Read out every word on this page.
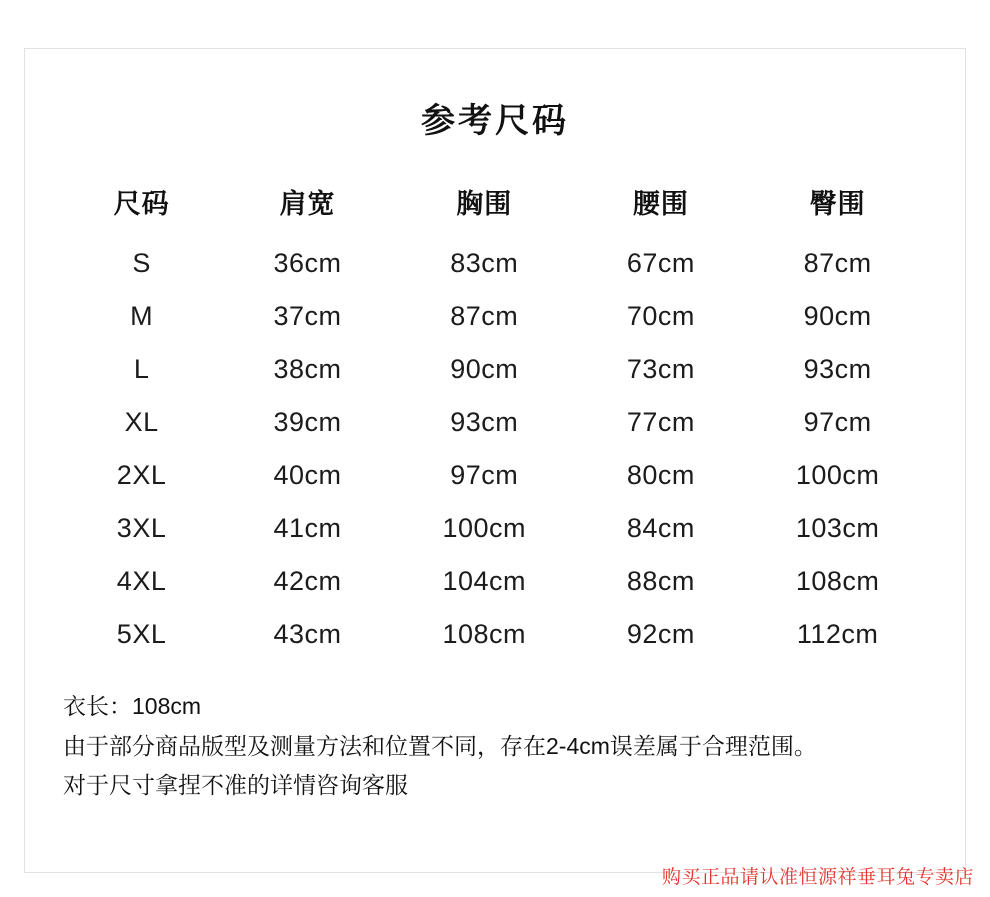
参考尺码
尺码	肩宽	胸围	腰围	臀围
S	36cm	83cm	67cm	87cm
M	37cm	87cm	70cm	90cm
L	38cm	90cm	73cm	93cm
XL	39cm	93cm	77cm	97cm
2XL	40cm	97cm	80cm	100cm
3XL	41cm	100cm	84cm	103cm
4XL	42cm	104cm	88cm	108cm
5XL	43cm	108cm	92cm	112cm
衣长：108cm
由于部分商品版型及测量方法和位置不同，存在2-4cm误差属于合理范围。
对于尺寸拿捏不准的详情咨询客服
购买正品请认准恒源祥垂耳兔专卖店
